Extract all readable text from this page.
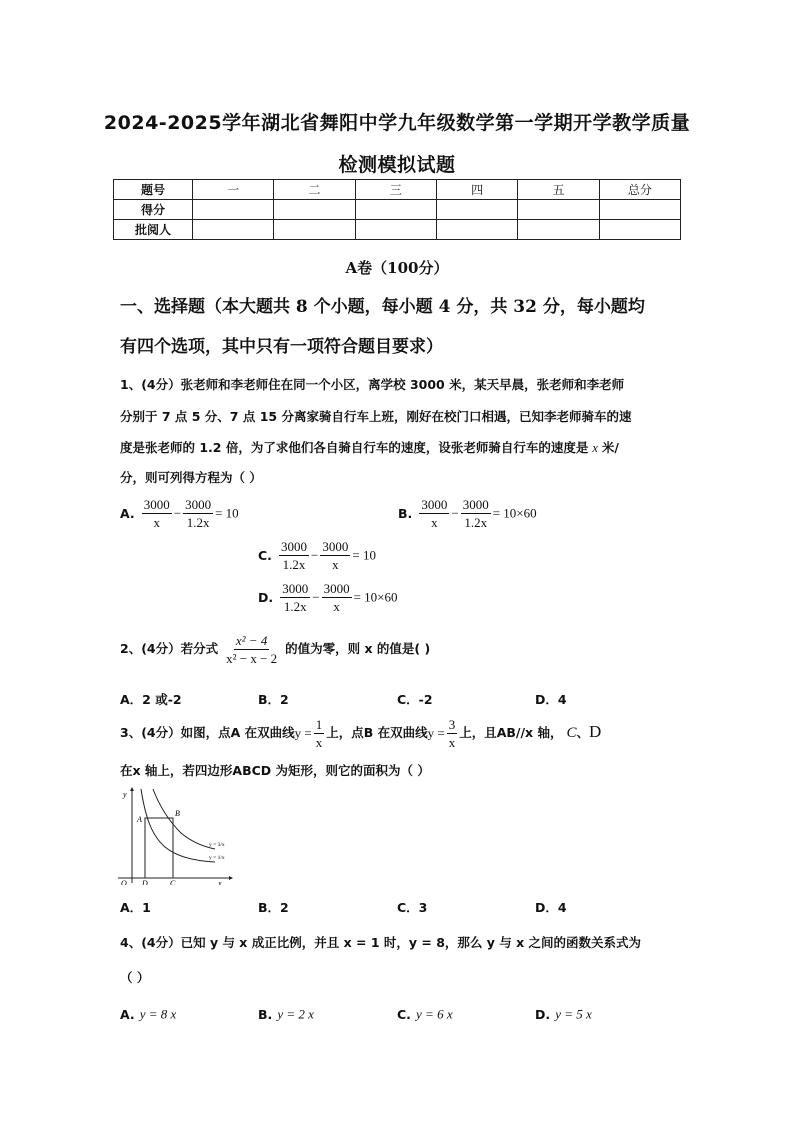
2024-2025学年湖北省舞阳中学九年级数学第一学期开学教学质量
检测模拟试题
题号	一	二	三	四	五	总分
得分						
批阅人						
A卷（100分）
一、选择题（本大题共 8 个小题，每小题 4 分，共 32 分，每小题均
有四个选项，其中只有一项符合题目要求）
1、(4分）张老师和李老师住在同一个小区，离学校 3000 米，某天早晨，张老师和李老师
分别于 7 点 5 分、7 点 15 分离家骑自行车上班，刚好在校门口相遇，已知李老师骑车的速
度是张老师的 1.2 倍，为了求他们各自骑自行车的速度，设张老师骑自行车的速度是 x 米/
分，则可列得方程为（ ）
A. $\frac{3000}{x} - \frac{3000}{1.2x} = 10$	B. $\frac{3000}{x} - \frac{3000}{1.2x} = 10\times 60$
C. $\frac{3000}{1.2x} - \frac{3000}{x} = 10$
D. $\frac{3000}{1.2x} - \frac{3000}{x} = 10\times 60$
2、(4分）若分式 $\frac{\text{x² − 4}}{\text{x² − x − 2}}$ 的值为零，则 x 的值是( )
A．2 或-2	B．2	C．-2	D．4
3、(4分）如图，点A 在双曲线$y = \frac{1}{x}$ 上，点B 在双曲线$y = \frac{3}{x}$ 上，且AB//x 轴， C、D
在x 轴上，若四边形ABCD 为矩形，则它的面积为（ ）
A
B
C
D
O
y
x
y = 3/x
y = 1/x
A．1	B．2	C．3	D．4
4、(4分）已知 y 与 x 成正比例，并且 x = 1 时，y = 8，那么 y 与 x 之间的函数关系式为
（ ）
A. y = 8 x	B. y = 2 x	C. y = 6 x	D. y = 5 x
